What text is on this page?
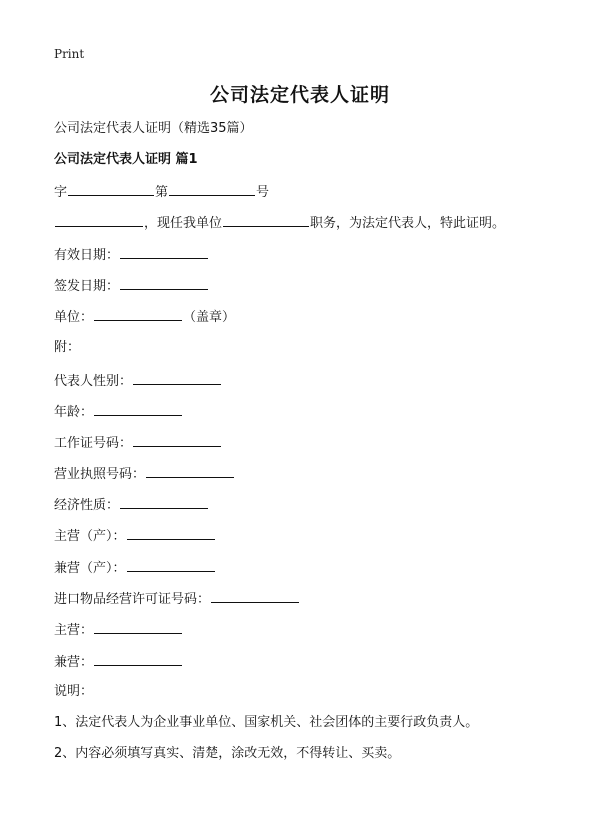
Print
公司法定代表人证明
公司法定代表人证明（精选35篇）
公司法定代表人证明 篇1
字	第	号
，现任我单位	职务，为法定代表人，特此证明。
有效日期：
签发日期：
单位：	（盖章）
附：
代表人性别：
年龄：
工作证号码：
营业执照号码：
经济性质：
主营（产）：
兼营（产）：
进口物品经营许可证号码：
主营：
兼营：
说明：
1、法定代表人为企业事业单位、国家机关、社会团体的主要行政负责人。
2、内容必须填写真实、清楚，涂改无效，不得转让、买卖。
